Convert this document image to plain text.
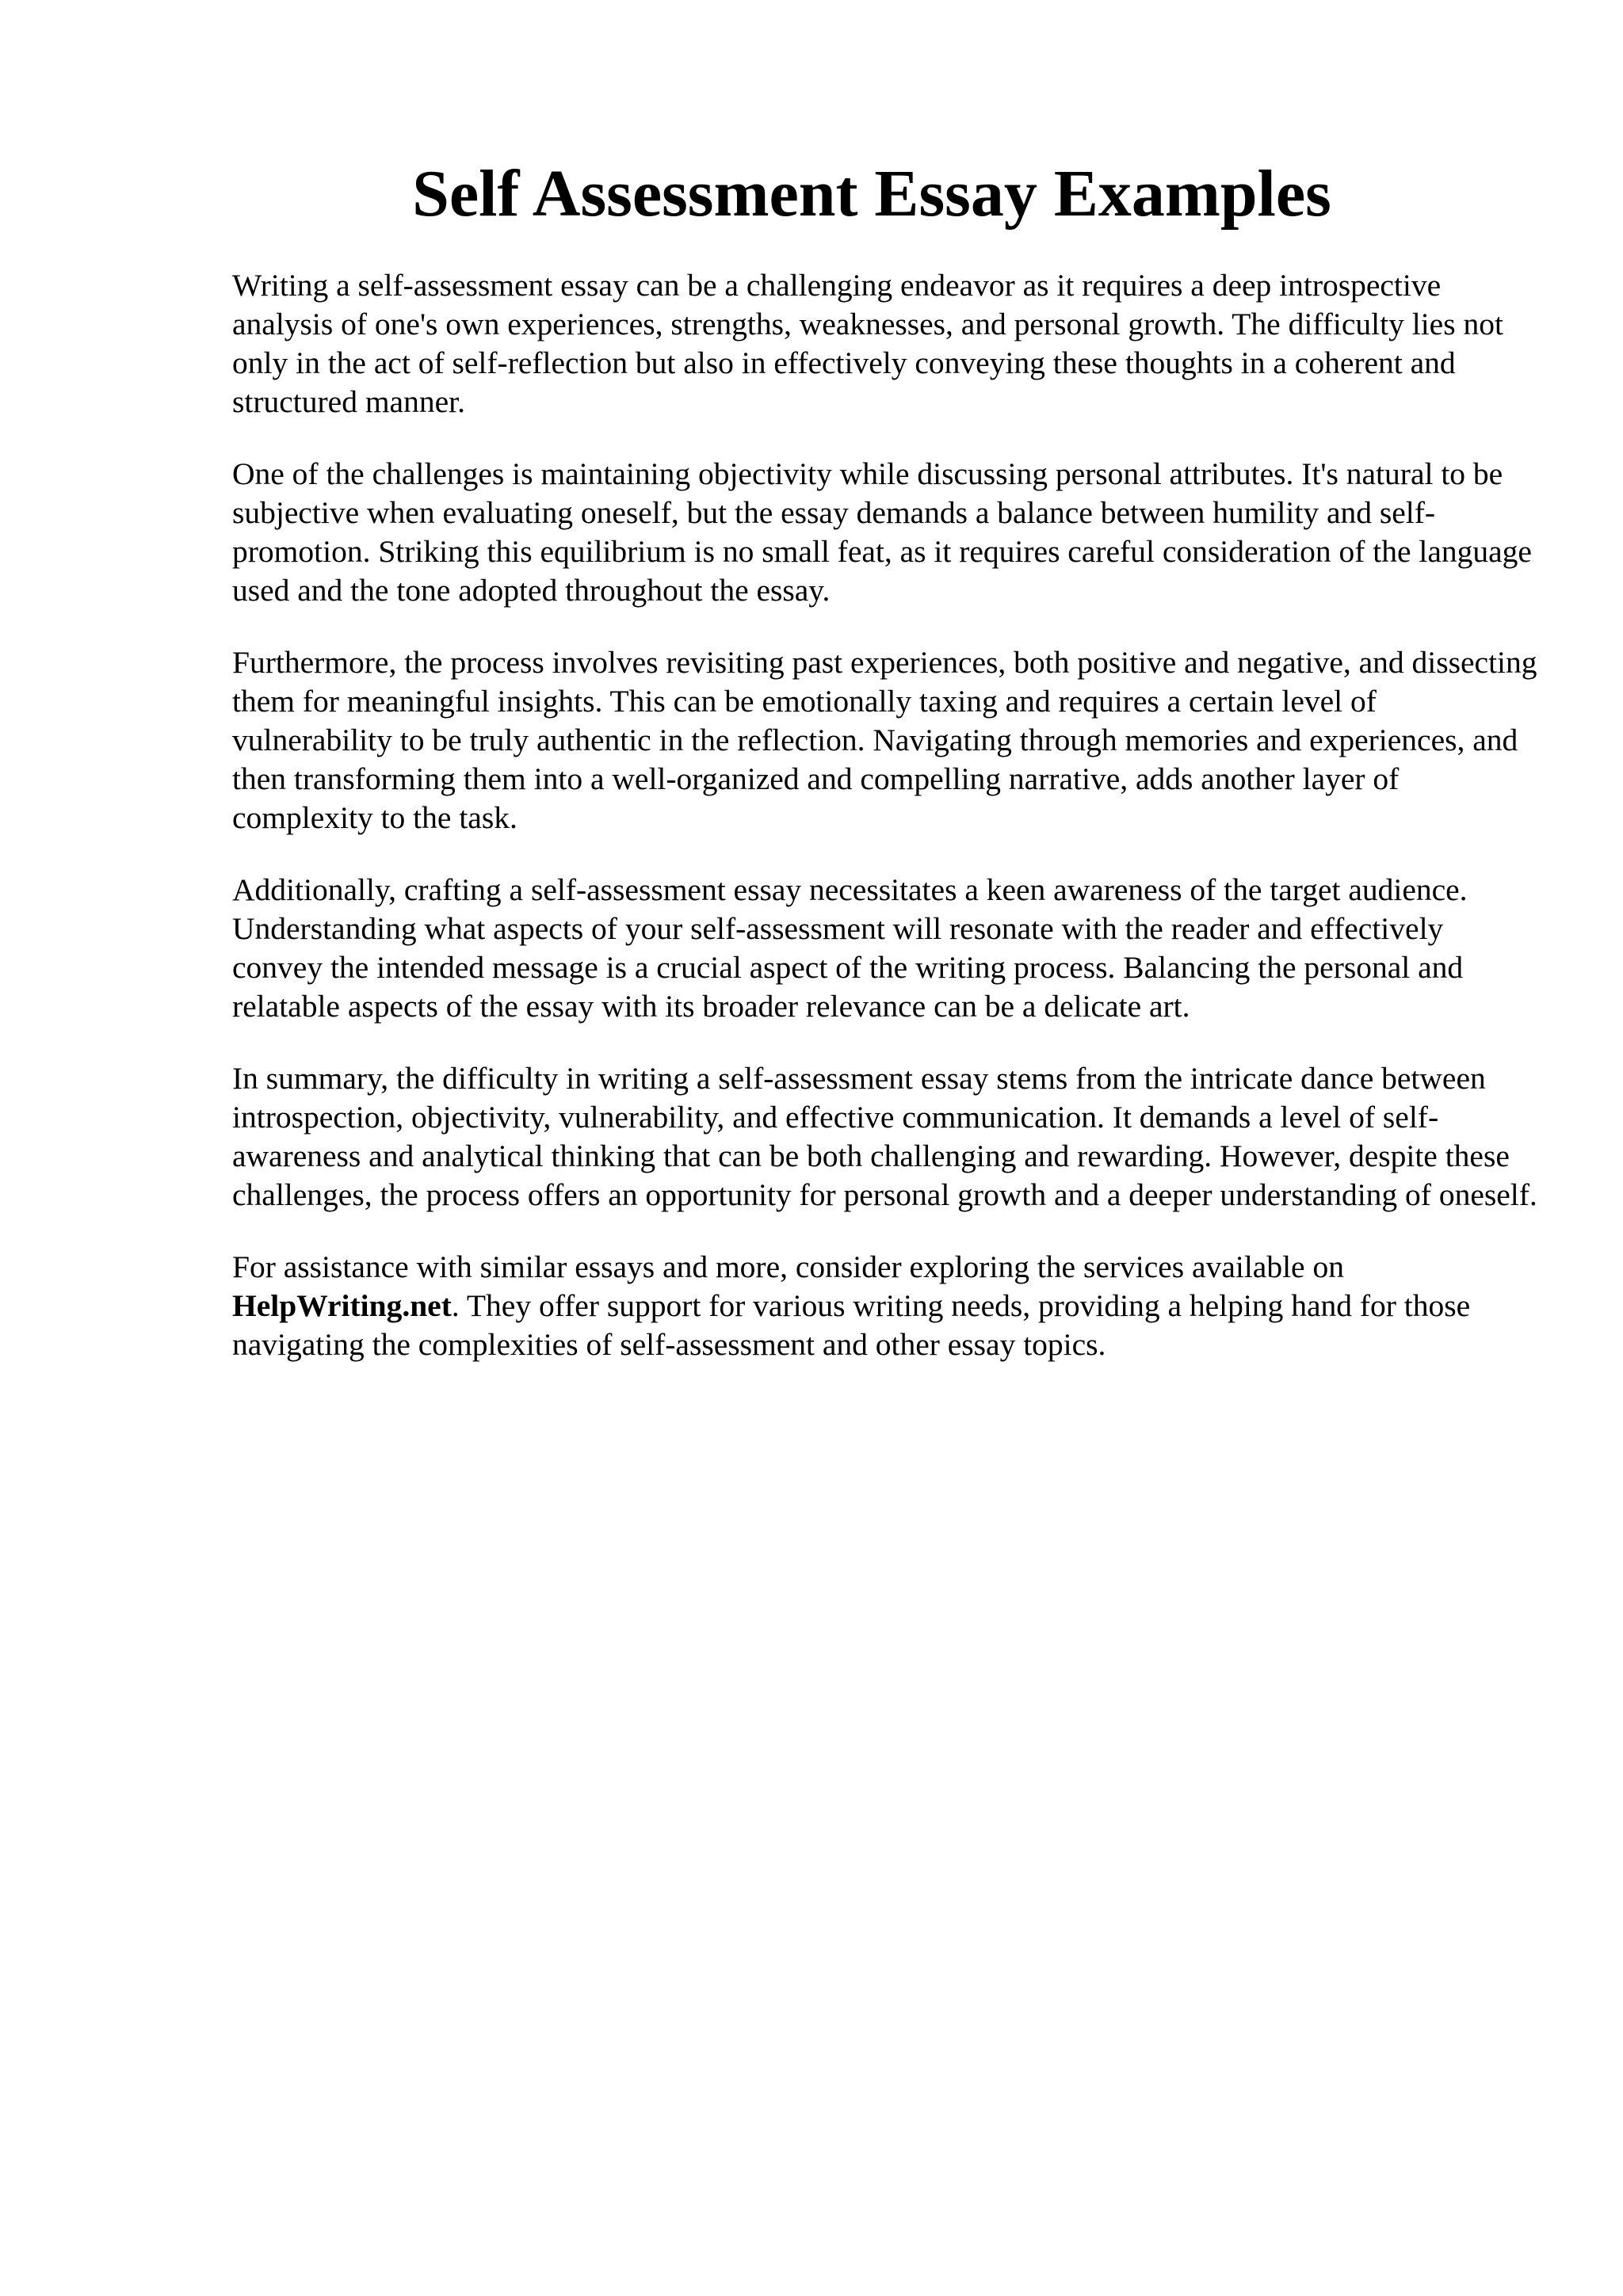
Self Assessment Essay Examples

Writing a self-assessment essay can be a challenging endeavor as it requires a deep introspective analysis of one's own experiences, strengths, weaknesses, and personal growth. The difficulty lies not only in the act of self-reflection but also in effectively conveying these thoughts in a coherent and structured manner.

One of the challenges is maintaining objectivity while discussing personal attributes. It's natural to be subjective when evaluating oneself, but the essay demands a balance between humility and self-promotion. Striking this equilibrium is no small feat, as it requires careful consideration of the language used and the tone adopted throughout the essay.

Furthermore, the process involves revisiting past experiences, both positive and negative, and dissecting them for meaningful insights. This can be emotionally taxing and requires a certain level of vulnerability to be truly authentic in the reflection. Navigating through memories and experiences, and then transforming them into a well-organized and compelling narrative, adds another layer of complexity to the task.

Additionally, crafting a self-assessment essay necessitates a keen awareness of the target audience. Understanding what aspects of your self-assessment will resonate with the reader and effectively convey the intended message is a crucial aspect of the writing process. Balancing the personal and relatable aspects of the essay with its broader relevance can be a delicate art.

In summary, the difficulty in writing a self-assessment essay stems from the intricate dance between introspection, objectivity, vulnerability, and effective communication. It demands a level of self-awareness and analytical thinking that can be both challenging and rewarding. However, despite these challenges, the process offers an opportunity for personal growth and a deeper understanding of oneself.

For assistance with similar essays and more, consider exploring the services available on HelpWriting.net. They offer support for various writing needs, providing a helping hand for those navigating the complexities of self-assessment and other essay topics.
